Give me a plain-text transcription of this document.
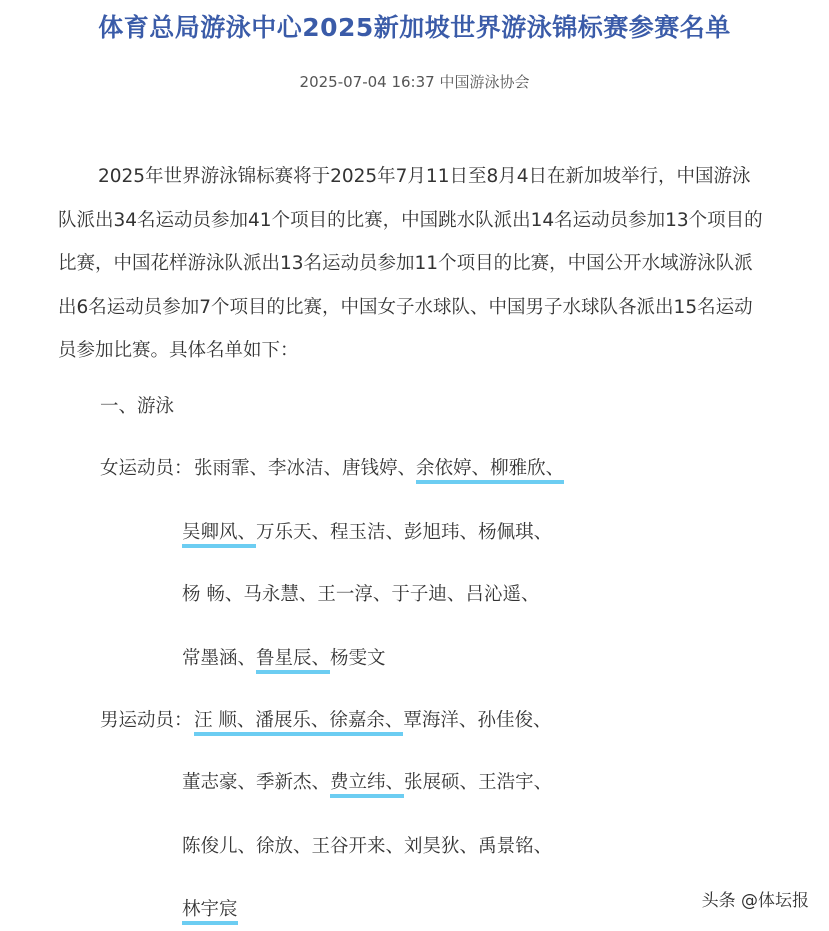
体育总局游泳中心2025新加坡世界游泳锦标赛参赛名单
2025-07-04 16:37 中国游泳协会

2025年世界游泳锦标赛将于2025年7月11日至8月4日在新加坡举行，中国游泳队派出34名运动员参加41个项目的比赛，中国跳水队派出14名运动员参加13个项目的比赛，中国花样游泳队派出13名运动员参加11个项目的比赛，中国公开水域游泳队派出6名运动员参加7个项目的比赛，中国女子水球队、中国男子水球队各派出15名运动员参加比赛。具体名单如下：

一、游泳

女运动员： 张雨霏、李冰洁、唐钱婷、余依婷、柳雅欣、

吴卿风、万乐天、程玉洁、彭旭玮、杨佩琪、

杨 畅、马永慧、王一淳、于子迪、吕沁遥、

常墨涵、鲁星辰、杨雯文

男运动员： 汪 顺、潘展乐、徐嘉余、覃海洋、孙佳俊、

董志豪、季新杰、费立纬、张展硕、王浩宇、

陈俊儿、徐放、王谷开来、刘昊狄、禹景铭、

林宇宸	头条 @体坛报
